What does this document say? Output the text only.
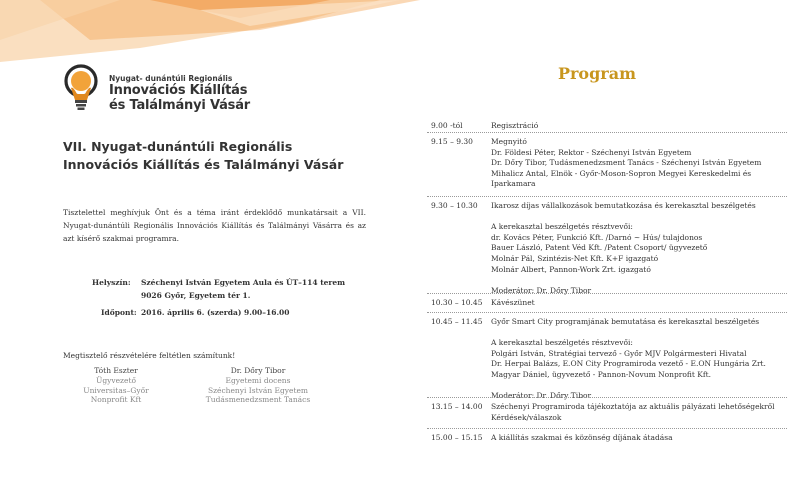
Nyugat- dunántúli Regionális
Innovációs Kiállítás
és Találmányi Vásár
VII. Nyugat-dunántúli Regionális Innovációs Kiállítás és Találmányi Vásár
Tisztelettel meghívjuk Önt és a téma iránt érdeklődő munkatársait a VII. Nyugat-dunántúli Regionális Innovációs Kiállítás és Találmányi Vásárra és az azt kísérő szakmai programra.
Helyszín: Széchenyi István Egyetem Aula és ÚT–114 terem
9026 Győr, Egyetem tér 1.
Időpont: 2016. április 6. (szerda) 9.00–16.00
Megtisztelő részvételére feltétlen számítunk!
Tóth Eszter
Ügyvezető
Universitas–Győr
Nonprofit Kft
Dr. Dőry Tibor
Egyetemi docens
Széchenyi István Egyetem
Tudásmenedzsment Tanács
Program
9.00 -tól	Regisztráció
9.15 – 9.30 Megnyitó
Dr. Földesi Péter, Rektor - Széchenyi István Egyetem
Dr. Dőry Tibor, Tudásmenedzsment Tanács - Széchenyi István Egyetem
Mihalicz Antal, Elnök - Győr-Moson-Sopron Megyei Kereskedelmi és
Iparkamara
9.30 – 10.30 Ikarosz díjas vállalkozások bemutatkozása és kerekasztal beszélgetés
A kerekasztal beszélgetés résztvevői:
dr. Kovács Péter, Funkció Kft. /Darnó ~ Hús/ tulajdonos
Bauer László, Patent Véd Kft. /Patent Csoport/ ügyvezető
Molnár Pál, Szintézis-Net Kft. K+F igazgató
Molnár Albert, Pannon-Work Zrt. igazgató
Moderátor: Dr. Dőry Tibor
10.30 – 10.45 Kávészünet
10.45 – 11.45 Győr Smart City programjának bemutatása és kerekasztal beszélgetés
A kerekasztal beszélgetés résztvevői:
Polgári István, Stratégiai tervező - Győr MJV Polgármesteri Hivatal
Dr. Herpai Balázs, E.ON City Programiroda vezető - E.ON Hungária Zrt.
Magyar Dániel, ügyvezető - Pannon-Novum Nonprofit Kft.
Moderátor: Dr. Dőry Tibor
13.15 – 14.00 Széchenyi Programiroda tájékoztatója az aktuális pályázati lehetőségekről
Kérdések/válaszok
15.00 – 15.15 A kiállítás szakmai és közönség díjának átadása
